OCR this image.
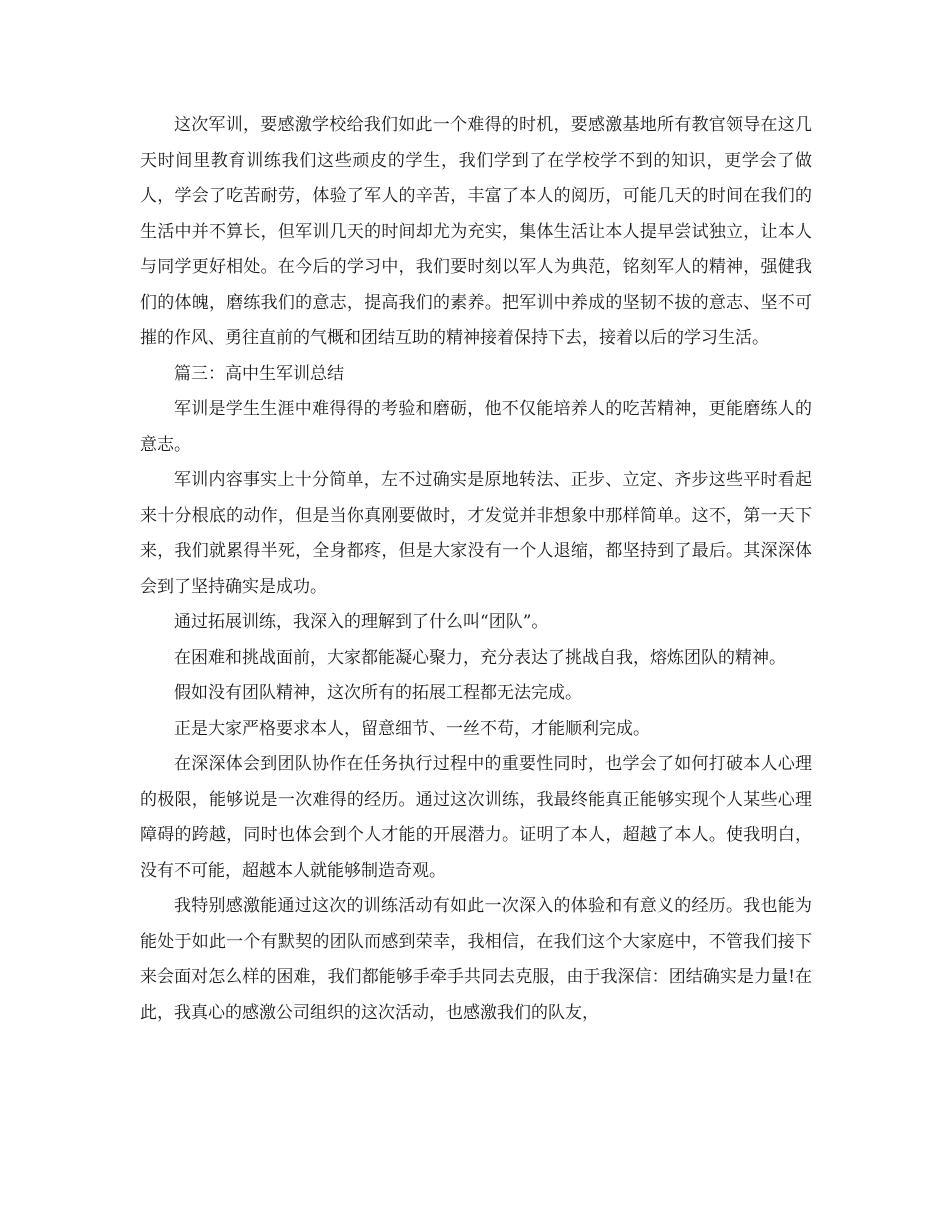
这次军训，要感激学校给我们如此一个难得的时机，要感激基地所有教官领导在这几天时间里教育训练我们这些顽皮的学生，我们学到了在学校学不到的知识，更学会了做人，学会了吃苦耐劳，体验了军人的辛苦，丰富了本人的阅历，可能几天的时间在我们的生活中并不算长，但军训几天的时间却尤为充实，集体生活让本人提早尝试独立，让本人与同学更好相处。在今后的学习中，我们要时刻以军人为典范，铭刻军人的精神，强健我们的体魄，磨练我们的意志，提高我们的素养。把军训中养成的坚韧不拔的意志、坚不可摧的作风、勇往直前的气概和团结互助的精神接着保持下去，接着以后的学习生活。

篇三：高中生军训总结

军训是学生生涯中难得得的考验和磨砺，他不仅能培养人的吃苦精神，更能磨练人的意志。

军训内容事实上十分简单，左不过确实是原地转法、正步、立定、齐步这些平时看起来十分根底的动作，但是当你真刚要做时，才发觉并非想象中那样简单。这不，第一天下来，我们就累得半死，全身都疼，但是大家没有一个人退缩，都坚持到了最后。其深深体会到了坚持确实是成功。

通过拓展训练，我深入的理解到了什么叫“团队”。

在困难和挑战面前，大家都能凝心聚力，充分表达了挑战自我，熔炼团队的精神。

假如没有团队精神，这次所有的拓展工程都无法完成。

正是大家严格要求本人，留意细节、一丝不苟，才能顺利完成。

在深深体会到团队协作在任务执行过程中的重要性同时，也学会了如何打破本人心理的极限，能够说是一次难得的经历。通过这次训练，我最终能真正能够实现个人某些心理障碍的跨越，同时也体会到个人才能的开展潜力。证明了本人，超越了本人。使我明白，没有不可能，超越本人就能够制造奇观。

我特别感激能通过这次的训练活动有如此一次深入的体验和有意义的经历。我也能为能处于如此一个有默契的团队而感到荣幸，我相信，在我们这个大家庭中，不管我们接下来会面对怎么样的困难，我们都能够手牵手共同去克服，由于我深信：团结确实是力量!在此，我真心的感激公司组织的这次活动，也感激我们的队友，
